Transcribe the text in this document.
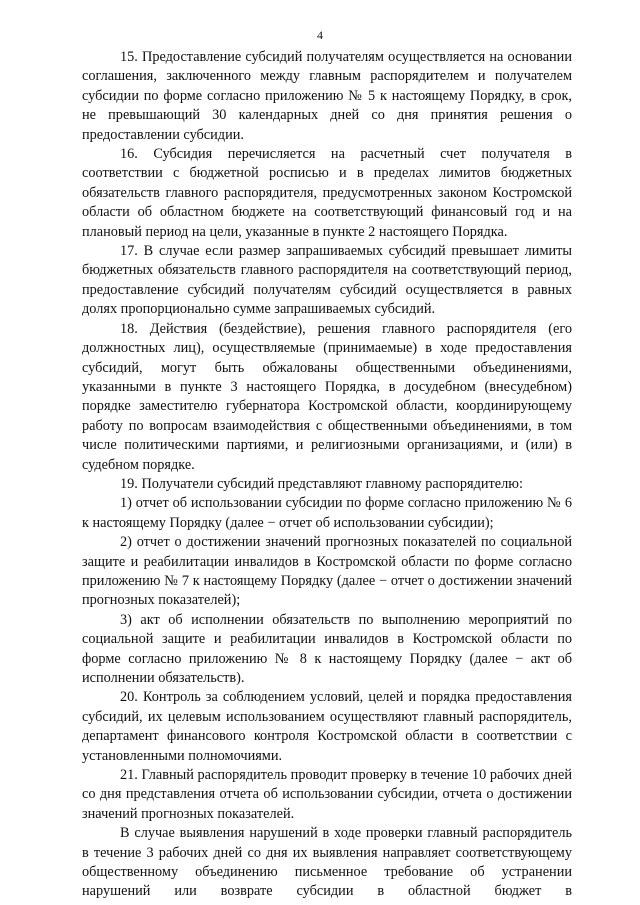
4

15. Предоставление субсидий получателям осуществляется на основании соглашения, заключенного между главным распорядителем и получателем субсидии по форме согласно приложению № 5 к настоящему Порядку, в срок, не превышающий 30 календарных дней со дня принятия решения о предоставлении субсидии.

16. Субсидия перечисляется на расчетный счет получателя в соответствии с бюджетной росписью и в пределах лимитов бюджетных обязательств главного распорядителя, предусмотренных законом Костромской области об областном бюджете на соответствующий финансовый год и на плановый период на цели, указанные в пункте 2 настоящего Порядка.

17. В случае если размер запрашиваемых субсидий превышает лимиты бюджетных обязательств главного распорядителя на соответствующий период, предоставление субсидий получателям субсидий осуществляется в равных долях пропорционально сумме запрашиваемых субсидий.

18. Действия (бездействие), решения главного распорядителя (его должностных лиц), осуществляемые (принимаемые) в ходе предоставления субсидий, могут быть обжалованы общественными объединениями, указанными в пункте 3 настоящего Порядка, в досудебном (внесудебном) порядке заместителю губернатора Костромской области, координирующему работу по вопросам взаимодействия с общественными объединениями, в том числе политическими партиями, и религиозными организациями, и (или) в судебном порядке.

19. Получатели субсидий представляют главному распорядителю:

1) отчет об использовании субсидии по форме согласно приложению № 6 к настоящему Порядку (далее − отчет об использовании субсидии);

2) отчет о достижении значений прогнозных показателей по социальной защите и реабилитации инвалидов в Костромской области по форме согласно приложению № 7 к настоящему Порядку (далее − отчет о достижении значений прогнозных показателей);

3) акт об исполнении обязательств по выполнению мероприятий по социальной защите и реабилитации инвалидов в Костромской области по форме согласно приложению № 8 к настоящему Порядку (далее − акт об исполнении обязательств).

20. Контроль за соблюдением условий, целей и порядка предоставления субсидий, их целевым использованием осуществляют главный распорядитель, департамент финансового контроля Костромской области в соответствии с установленными полномочиями.

21. Главный распорядитель проводит проверку в течение 10 рабочих дней со дня представления отчета об использовании субсидии, отчета о достижении значений прогнозных показателей.

В случае выявления нарушений в ходе проверки главный распорядитель в течение 3 рабочих дней со дня их выявления направляет соответствующему общественному объединению письменное требование об устранении нарушений или возврате субсидии в областной бюджет в
